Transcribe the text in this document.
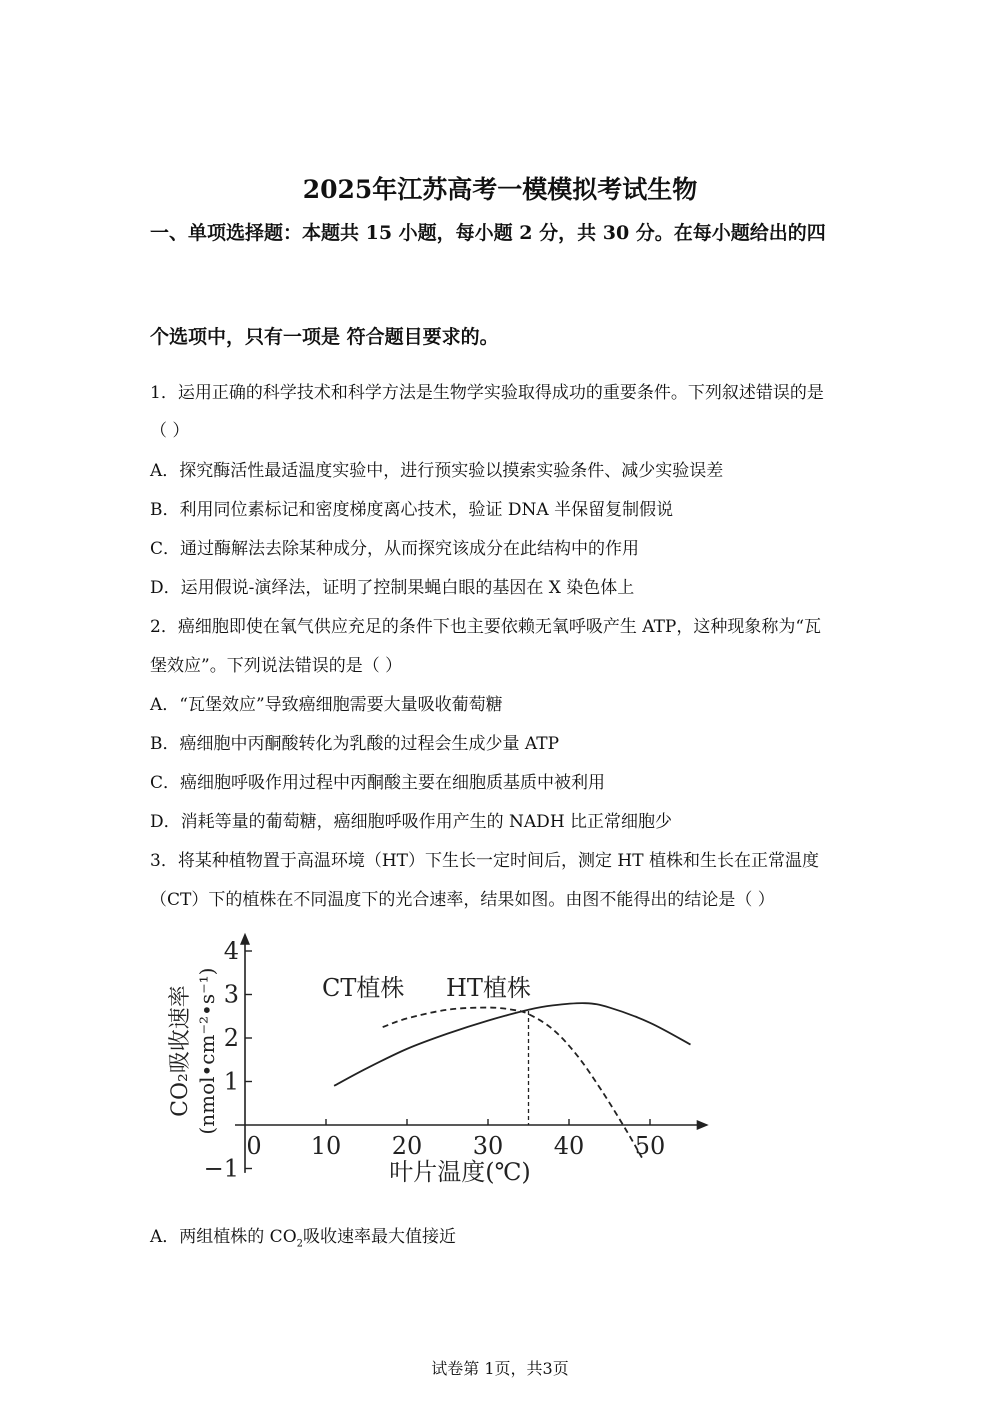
2025年江苏高考一模模拟考试生物
一、单项选择题：本题共 15 小题，每小题 2 分，共 30 分。在每小题给出的四
个选项中，只有一项是 符合题目要求的。
1．运用正确的科学技术和科学方法是生物学实验取得成功的重要条件。下列叙述错误的是
（ ）
A．探究酶活性最适温度实验中，进行预实验以摸索实验条件、减少实验误差
B．利用同位素标记和密度梯度离心技术，验证 DNA 半保留复制假说
C．通过酶解法去除某种成分，从而探究该成分在此结构中的作用
D．运用假说-演绎法，证明了控制果蝇白眼的基因在 X 染色体上
2．癌细胞即使在氧气供应充足的条件下也主要依赖无氧呼吸产生 ATP，这种现象称为“瓦
堡效应”。下列说法错误的是（ ）
A．“瓦堡效应”导致癌细胞需要大量吸收葡萄糖
B．癌细胞中丙酮酸转化为乳酸的过程会生成少量 ATP
C．癌细胞呼吸作用过程中丙酮酸主要在细胞质基质中被利用
D．消耗等量的葡萄糖，癌细胞呼吸作用产生的 NADH 比正常细胞少
3．将某种植物置于高温环境（HT）下生长一定时间后，测定 HT 植株和生长在正常温度
（CT）下的植株在不同温度下的光合速率，结果如图。由图不能得出的结论是（ ）
4
3
2
1
−1
0 10 20 30 40 50
CT植株 HT植株
叶片温度(℃)
CO₂吸收速率 (nmol•cm⁻²•s⁻¹)
A．两组植株的 $CO_2$吸收速率最大值接近
试卷第 1页，共3页
